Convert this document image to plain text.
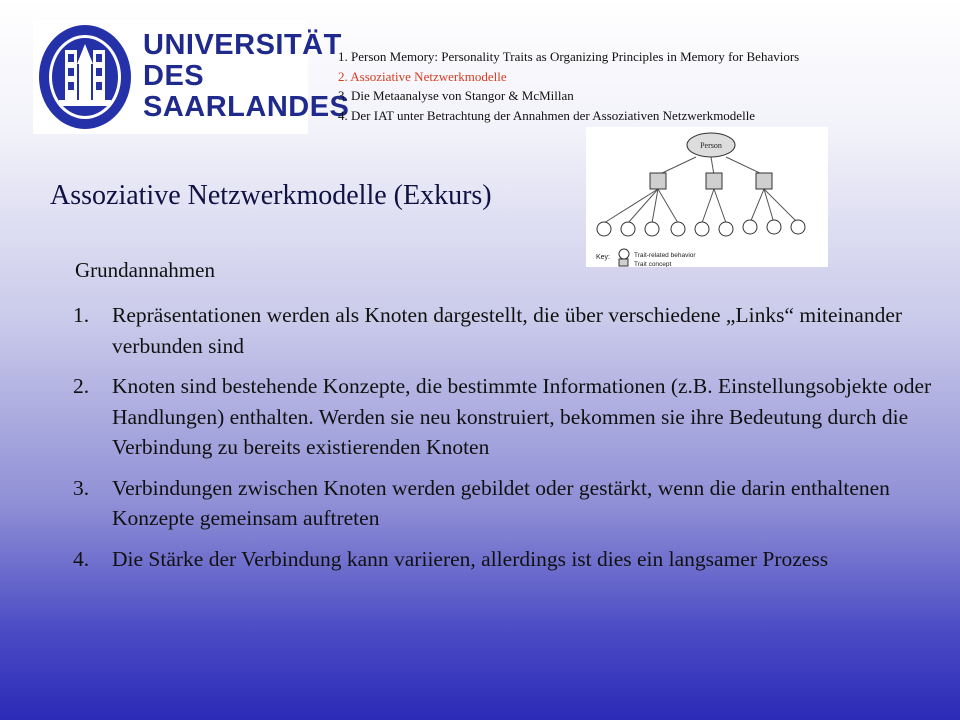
UNIVERSITÄT
DES
SAARLANDES
1. Person Memory: Personality Traits as Organizing Principles in Memory for Behaviors
2. Assoziative Netzwerkmodelle
3. Die Metaanalyse von Stangor & McMillan
4. Der IAT unter Betrachtung der Annahmen der Assoziativen Netzwerkmodelle
Person
Key:	Trait-related behavior
Trait concept
Assoziative Netzwerkmodelle (Exkurs)
Grundannahmen
1.	Repräsentationen werden als Knoten dargestellt, die über verschiedene „Links“ miteinander verbunden sind
2.	Knoten sind bestehende Konzepte, die bestimmte Informationen (z.B. Einstellungsobjekte oder Handlungen) enthalten. Werden sie neu konstruiert, bekommen sie ihre Bedeutung durch die Verbindung zu bereits existierenden Knoten
3.	Verbindungen zwischen Knoten werden gebildet oder gestärkt, wenn die darin enthaltenen Konzepte gemeinsam auftreten
4.	Die Stärke der Verbindung kann variieren, allerdings ist dies ein langsamer Prozess
